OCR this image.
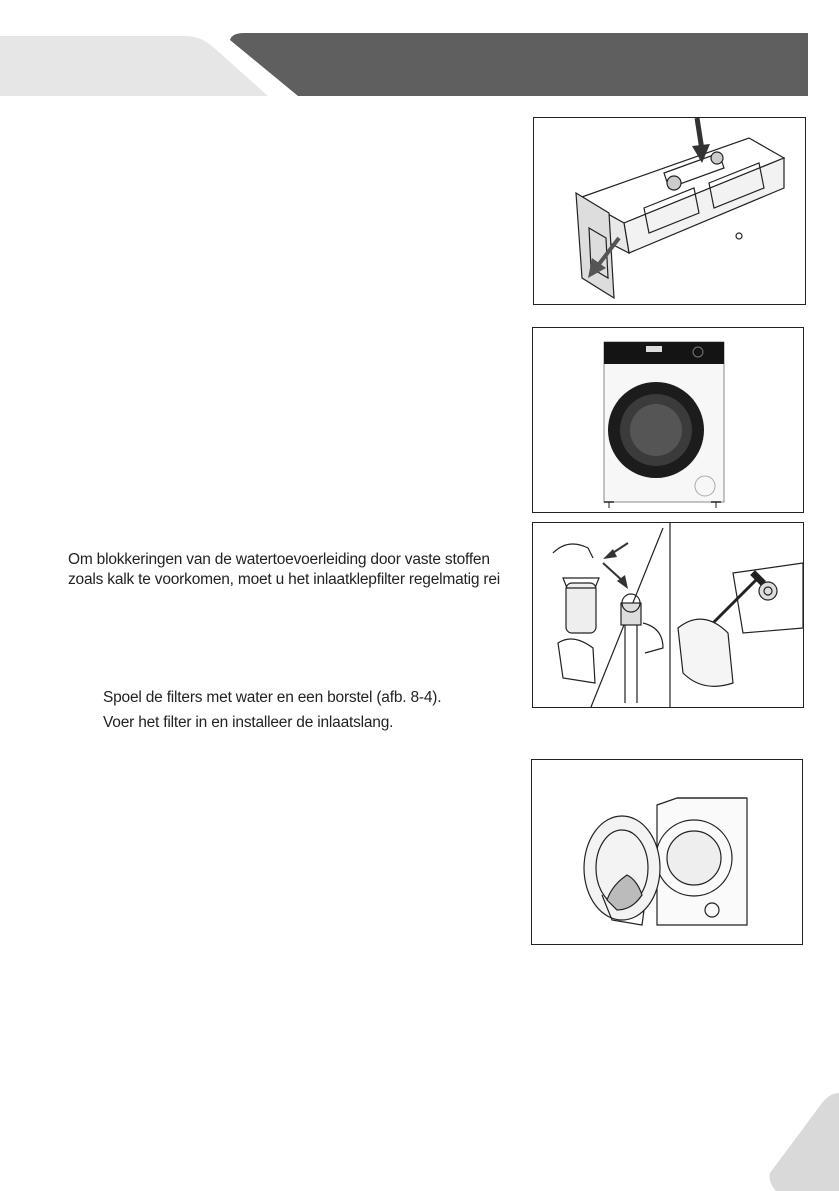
Om blokkeringen van de watertoevoerleiding door vaste stoffen
zoals kalk te voorkomen, moet u het inlaatklepfilter regelmatig rei
Spoel de filters met water en een borstel (afb. 8-4).
Voer het filter in en installeer de inlaatslang.
